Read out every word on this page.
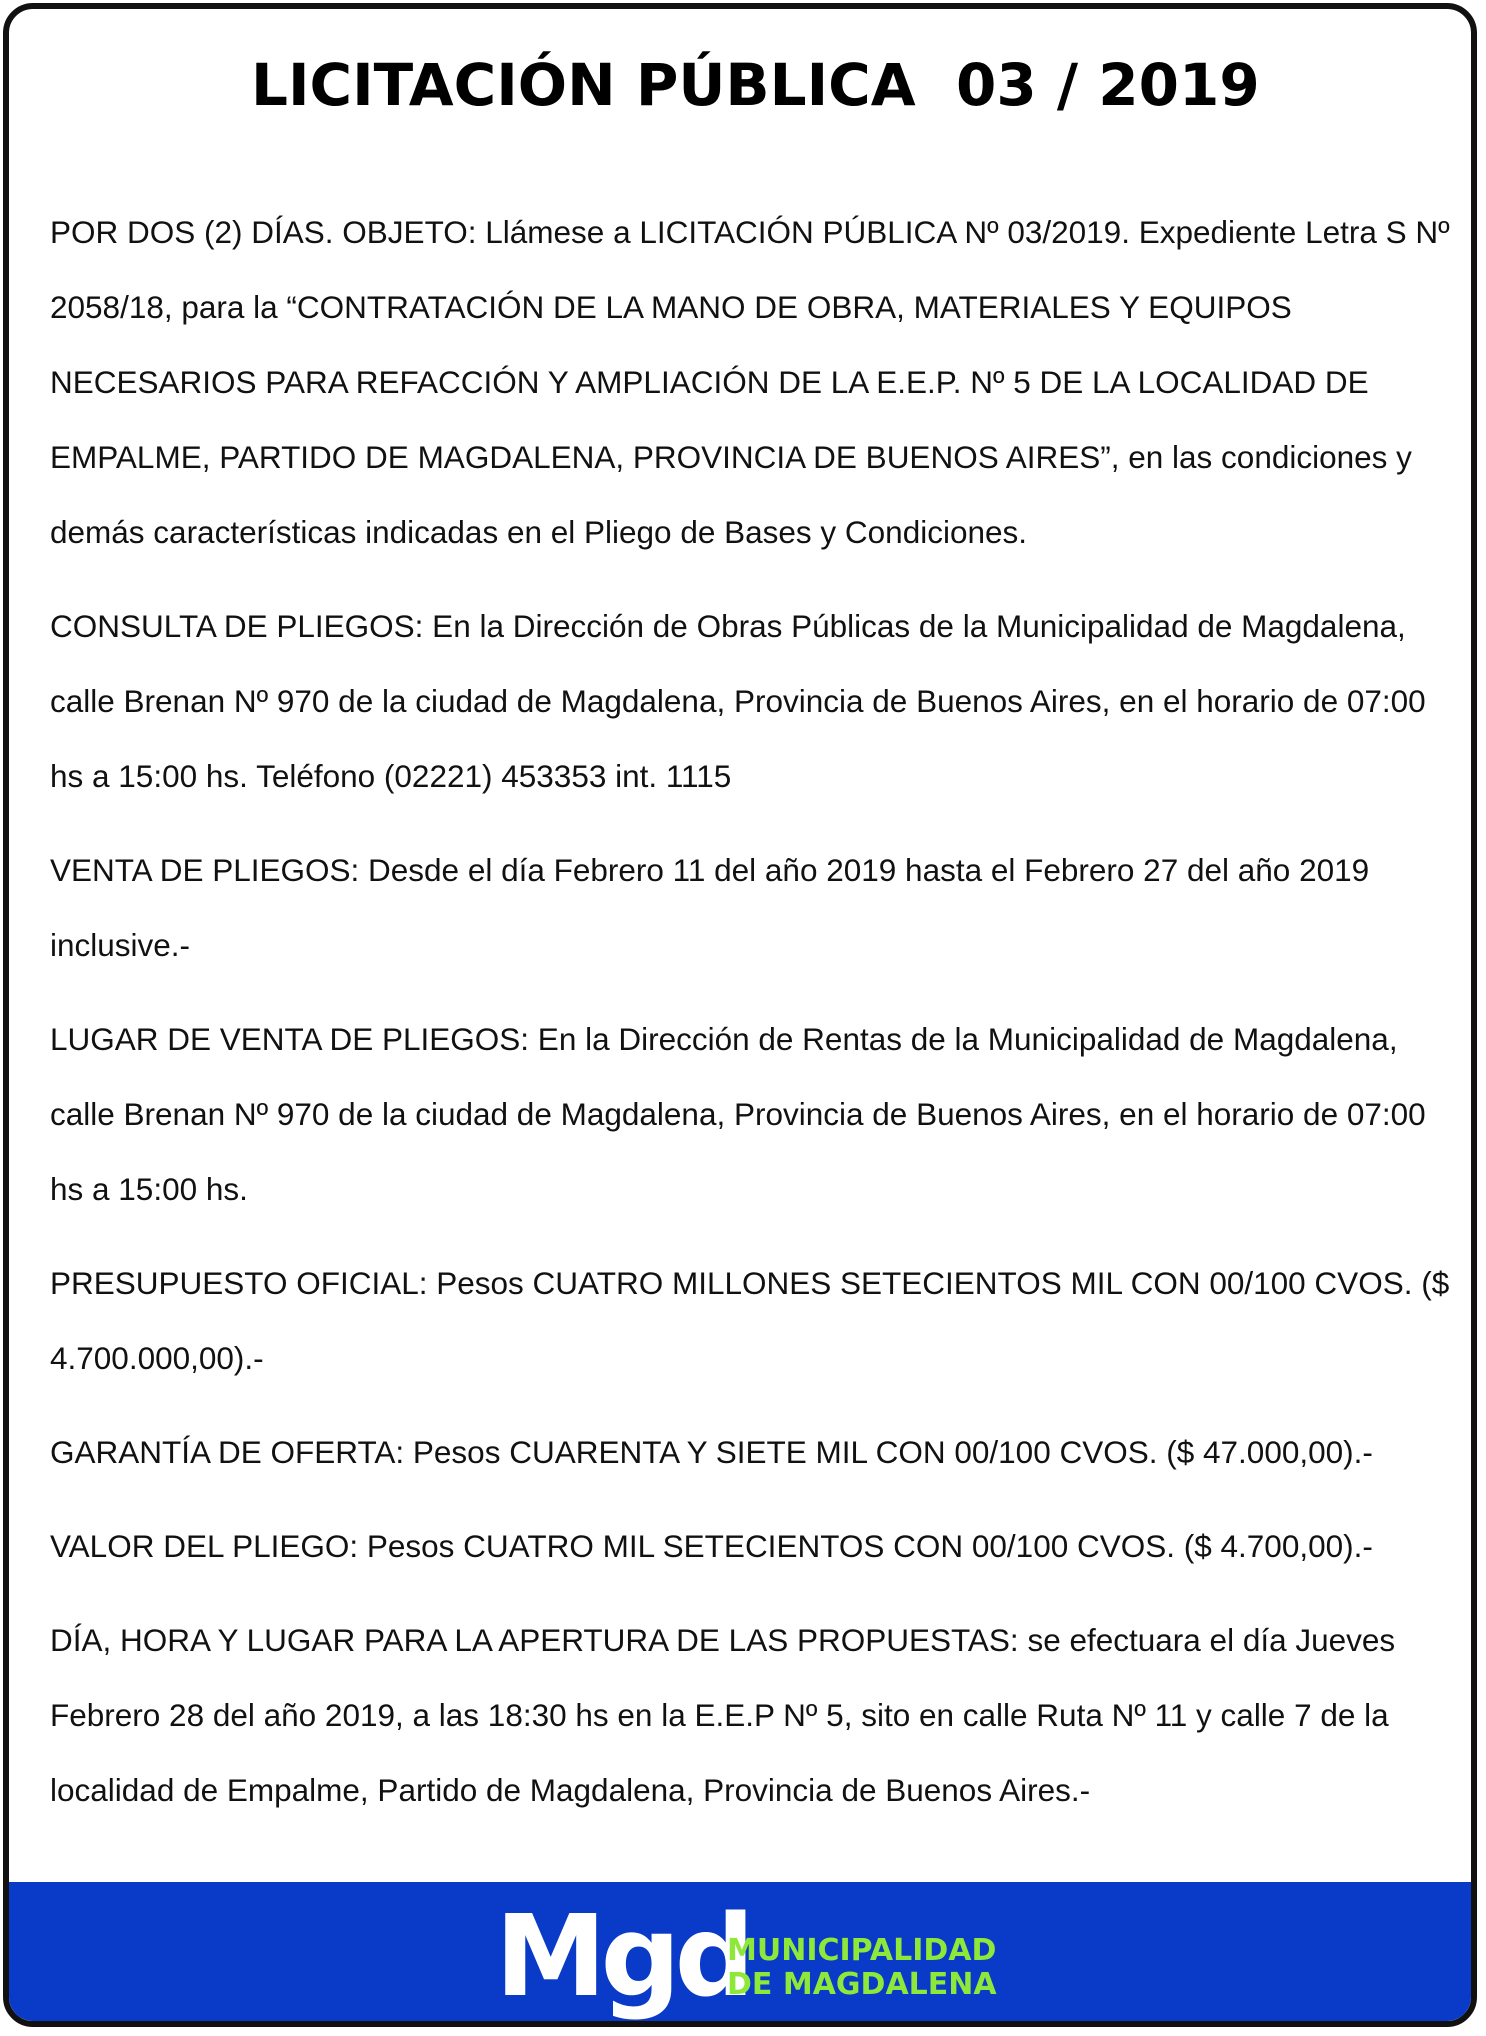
LICITACIÓN PÚBLICA  03 / 2019

POR DOS (2) DÍAS. OBJETO: Llámese a LICITACIÓN PÚBLICA Nº 03/2019. Expediente Letra S Nº 2058/18, para la “CONTRATACIÓN DE LA MANO DE OBRA, MATERIALES Y EQUIPOS NECESARIOS PARA REFACCIÓN Y AMPLIACIÓN DE LA E.E.P. Nº 5 DE LA LOCALIDAD DE EMPALME, PARTIDO DE MAGDALENA, PROVINCIA DE BUENOS AIRES”, en las condiciones y demás características indicadas en el Pliego de Bases y Condiciones.

CONSULTA DE PLIEGOS: En la Dirección de Obras Públicas de la Municipalidad de Magdalena, calle Brenan Nº 970 de la ciudad de Magdalena, Provincia de Buenos Aires, en el horario de 07:00 hs a 15:00 hs. Teléfono (02221) 453353 int. 1115

VENTA DE PLIEGOS: Desde el día Febrero 11 del año 2019 hasta el Febrero 27 del año 2019 inclusive.-

LUGAR DE VENTA DE PLIEGOS: En la Dirección de Rentas de la Municipalidad de Magdalena, calle Brenan Nº 970 de la ciudad de Magdalena, Provincia de Buenos Aires, en el horario de 07:00 hs a 15:00 hs.

PRESUPUESTO OFICIAL: Pesos CUATRO MILLONES SETECIENTOS MIL CON 00/100 CVOS. ($ 4.700.000,00).-

GARANTÍA DE OFERTA: Pesos CUARENTA Y SIETE MIL CON 00/100 CVOS. ($ 47.000,00).-

VALOR DEL PLIEGO: Pesos CUATRO MIL SETECIENTOS CON 00/100 CVOS. ($ 4.700,00).-

DÍA, HORA Y LUGAR PARA LA APERTURA DE LAS PROPUESTAS: se efectuara el día Jueves Febrero 28 del año 2019, a las 18:30 hs en la E.E.P Nº 5, sito en calle Ruta Nº 11 y calle 7 de la localidad de Empalme, Partido de Magdalena, Provincia de Buenos Aires.-

Mgd
MUNICIPALIDAD
DE MAGDALENA
